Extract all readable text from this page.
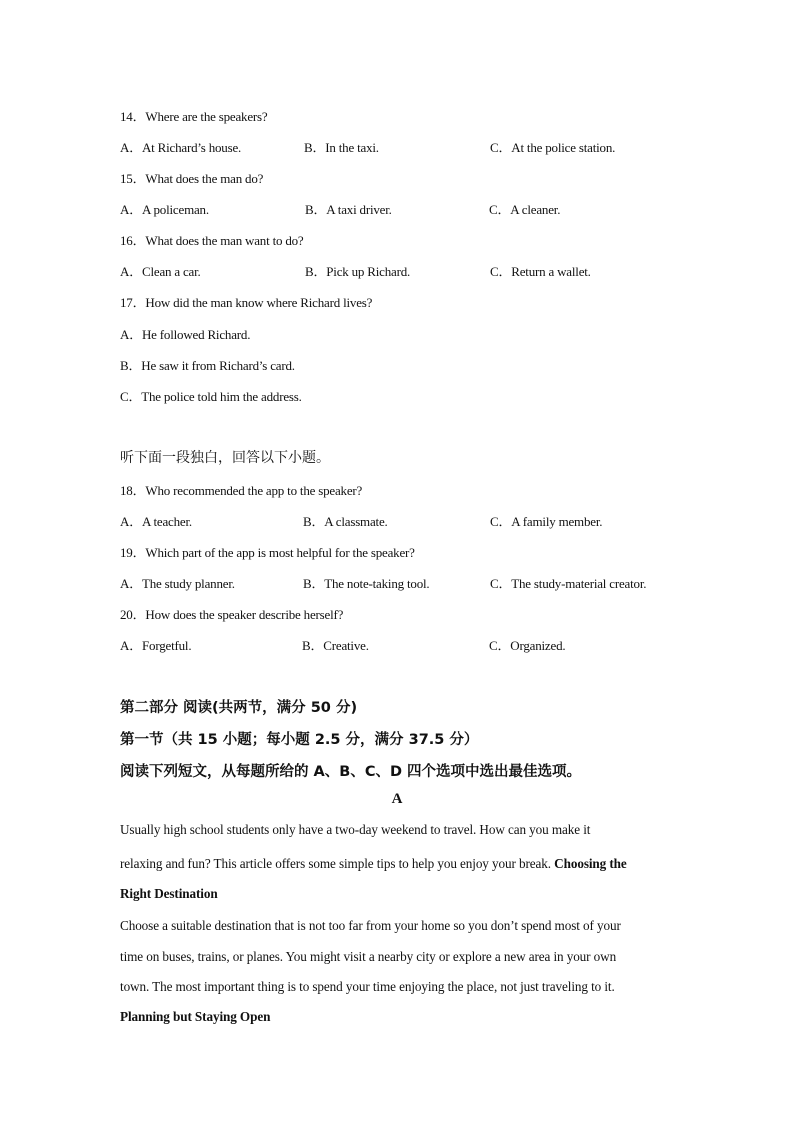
14．Where are the speakers?
A．At Richard’s house.	B．In the taxi.	C．At the police station.
15．What does the man do?
A．A policeman.	B．A taxi driver.	C．A cleaner.
16．What does the man want to do?
A．Clean a car.	B．Pick up Richard.	C．Return a wallet.
17．How did the man know where Richard lives?
A．He followed Richard.
B．He saw it from Richard’s card.
C．The police told him the address.
听下面一段独白，回答以下小题。
18．Who recommended the app to the speaker?
A．A teacher.	B．A classmate.	C．A family member.
19．Which part of the app is most helpful for the speaker?
A．The study planner.	B．The note-taking tool.	C．The study-material creator.
20．How does the speaker describe herself?
A．Forgetful.	B．Creative.	C．Organized.
第二部分 阅读(共两节，满分 50 分)
第一节（共 15 小题；每小题 2.5 分，满分 37.5 分）
阅读下列短文，从每题所给的 A、B、C、D 四个选项中选出最佳选项。
A
Usually high school students only have a two-day weekend to travel. How can you make it
relaxing and fun? This article offers some simple tips to help you enjoy your break. Choosing the
Right Destination
Choose a suitable destination that is not too far from your home so you don’t spend most of your
time on buses, trains, or planes. You might visit a nearby city or explore a new area in your own
town. The most important thing is to spend your time enjoying the place, not just traveling to it.
Planning but Staying Open
